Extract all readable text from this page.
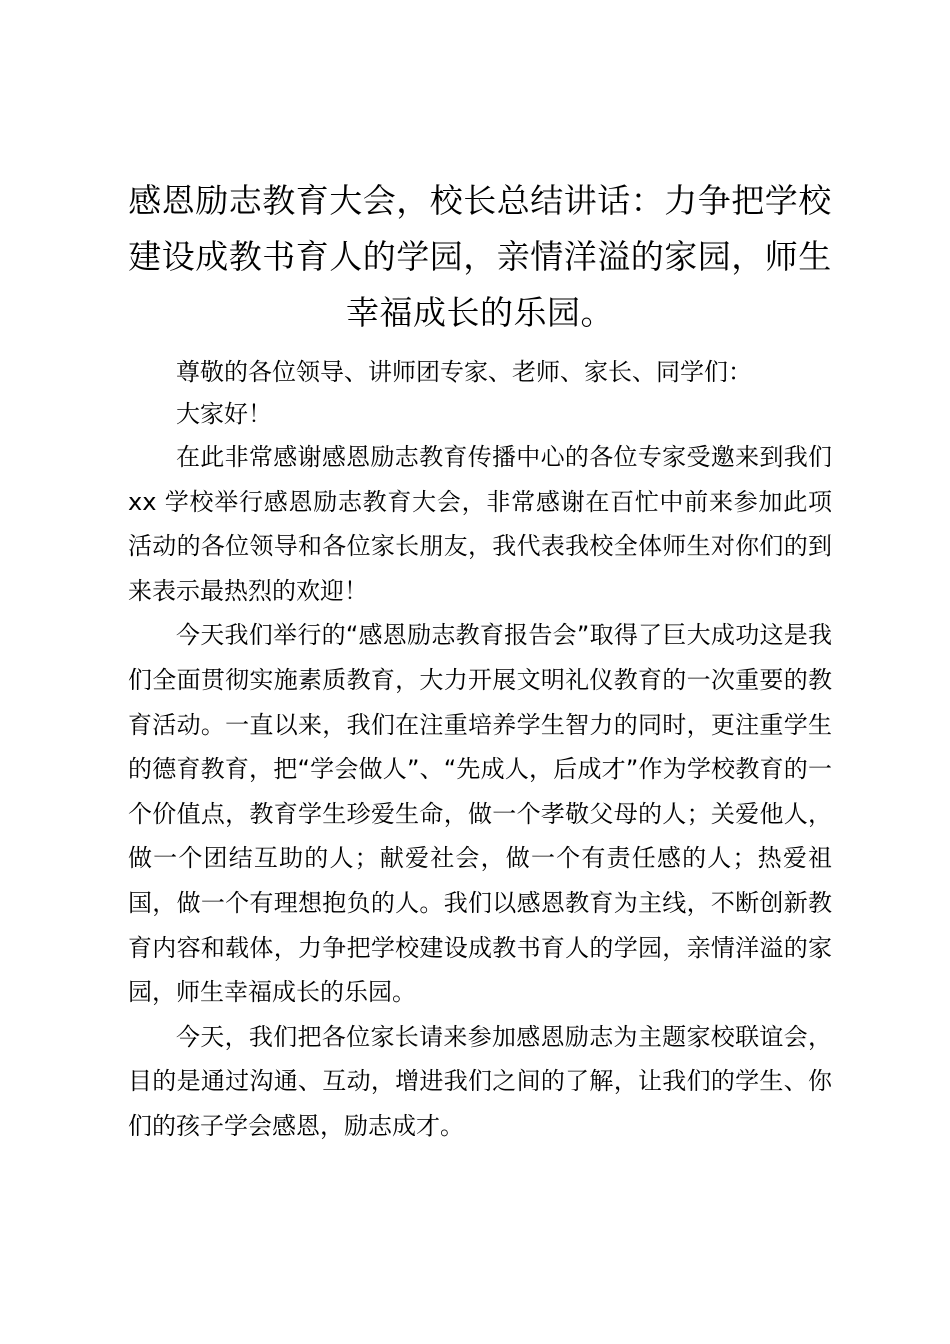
感恩励志教育大会，校长总结讲话：力争把学校建设成教书育人的学园，亲情洋溢的家园，师生幸福成长的乐园。

尊敬的各位领导、讲师团专家、老师、家长、同学们：

大家好！

在此非常感谢感恩励志教育传播中心的各位专家受邀来到我们 xx 学校举行感恩励志教育大会，非常感谢在百忙中前来参加此项活动的各位领导和各位家长朋友，我代表我校全体师生对你们的到来表示最热烈的欢迎！

今天我们举行的“感恩励志教育报告会”取得了巨大成功这是我们全面贯彻实施素质教育，大力开展文明礼仪教育的一次重要的教育活动。一直以来，我们在注重培养学生智力的同时，更注重学生的德育教育，把“学会做人”、“先成人，后成才”作为学校教育的一个价值点，教育学生珍爱生命，做一个孝敬父母的人；关爱他人，做一个团结互助的人；献爱社会，做一个有责任感的人；热爱祖国，做一个有理想抱负的人。我们以感恩教育为主线，不断创新教育内容和载体，力争把学校建设成教书育人的学园，亲情洋溢的家园，师生幸福成长的乐园。

今天，我们把各位家长请来参加感恩励志为主题家校联谊会，目的是通过沟通、互动，增进我们之间的了解，让我们的学生、你们的孩子学会感恩，励志成才。
